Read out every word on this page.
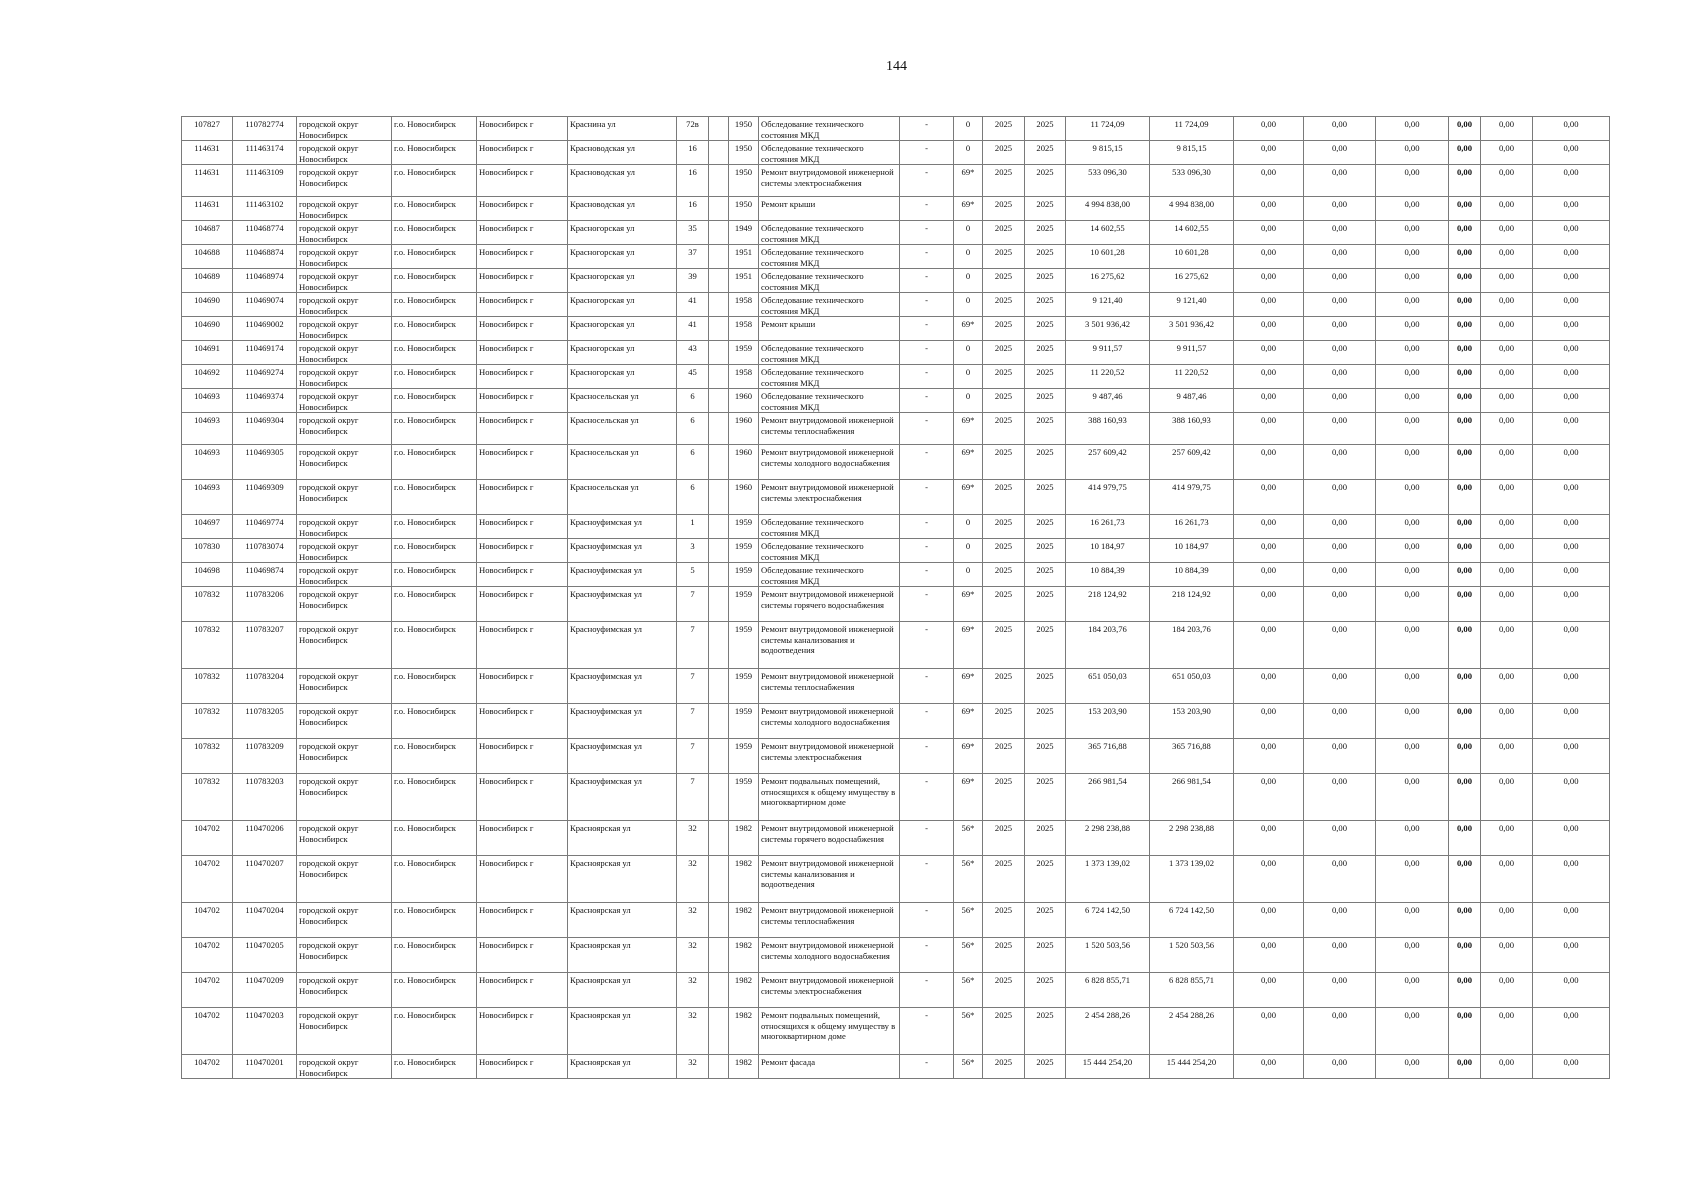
144
107827	110782774	городской округ Новосибирск	г.о. Новосибирск	Новосибирск г	Краснина ул	72в		1950	Обследование технического состояния МКД	-	0	2025	2025	11 724,09	11 724,09	0,00	0,00	0,00	0,00	0,00	0,00
114631	111463174	городской округ Новосибирск	г.о. Новосибирск	Новосибирск г	Красноводская ул	16		1950	Обследование технического состояния МКД	-	0	2025	2025	9 815,15	9 815,15	0,00	0,00	0,00	0,00	0,00	0,00
114631	111463109	городской округ Новосибирск	г.о. Новосибирск	Новосибирск г	Красноводская ул	16		1950	Ремонт внутридомовой инженерной системы электроснабжения	-	69*	2025	2025	533 096,30	533 096,30	0,00	0,00	0,00	0,00	0,00	0,00
114631	111463102	городской округ Новосибирск	г.о. Новосибирск	Новосибирск г	Красноводская ул	16		1950	Ремонт крыши	-	69*	2025	2025	4 994 838,00	4 994 838,00	0,00	0,00	0,00	0,00	0,00	0,00
104687	110468774	городской округ Новосибирск	г.о. Новосибирск	Новосибирск г	Красногорская ул	35		1949	Обследование технического состояния МКД	-	0	2025	2025	14 602,55	14 602,55	0,00	0,00	0,00	0,00	0,00	0,00
104688	110468874	городской округ Новосибирск	г.о. Новосибирск	Новосибирск г	Красногорская ул	37		1951	Обследование технического состояния МКД	-	0	2025	2025	10 601,28	10 601,28	0,00	0,00	0,00	0,00	0,00	0,00
104689	110468974	городской округ Новосибирск	г.о. Новосибирск	Новосибирск г	Красногорская ул	39		1951	Обследование технического состояния МКД	-	0	2025	2025	16 275,62	16 275,62	0,00	0,00	0,00	0,00	0,00	0,00
104690	110469074	городской округ Новосибирск	г.о. Новосибирск	Новосибирск г	Красногорская ул	41		1958	Обследование технического состояния МКД	-	0	2025	2025	9 121,40	9 121,40	0,00	0,00	0,00	0,00	0,00	0,00
104690	110469002	городской округ Новосибирск	г.о. Новосибирск	Новосибирск г	Красногорская ул	41		1958	Ремонт крыши	-	69*	2025	2025	3 501 936,42	3 501 936,42	0,00	0,00	0,00	0,00	0,00	0,00
104691	110469174	городской округ Новосибирск	г.о. Новосибирск	Новосибирск г	Красногорская ул	43		1959	Обследование технического состояния МКД	-	0	2025	2025	9 911,57	9 911,57	0,00	0,00	0,00	0,00	0,00	0,00
104692	110469274	городской округ Новосибирск	г.о. Новосибирск	Новосибирск г	Красногорская ул	45		1958	Обследование технического состояния МКД	-	0	2025	2025	11 220,52	11 220,52	0,00	0,00	0,00	0,00	0,00	0,00
104693	110469374	городской округ Новосибирск	г.о. Новосибирск	Новосибирск г	Красносельская ул	6		1960	Обследование технического состояния МКД	-	0	2025	2025	9 487,46	9 487,46	0,00	0,00	0,00	0,00	0,00	0,00
104693	110469304	городской округ Новосибирск	г.о. Новосибирск	Новосибирск г	Красносельская ул	6		1960	Ремонт внутридомовой инженерной системы теплоснабжения	-	69*	2025	2025	388 160,93	388 160,93	0,00	0,00	0,00	0,00	0,00	0,00
104693	110469305	городской округ Новосибирск	г.о. Новосибирск	Новосибирск г	Красносельская ул	6		1960	Ремонт внутридомовой инженерной системы холодного водоснабжения	-	69*	2025	2025	257 609,42	257 609,42	0,00	0,00	0,00	0,00	0,00	0,00
104693	110469309	городской округ Новосибирск	г.о. Новосибирск	Новосибирск г	Красносельская ул	6		1960	Ремонт внутридомовой инженерной системы электроснабжения	-	69*	2025	2025	414 979,75	414 979,75	0,00	0,00	0,00	0,00	0,00	0,00
104697	110469774	городской округ Новосибирск	г.о. Новосибирск	Новосибирск г	Красноуфимская ул	1		1959	Обследование технического состояния МКД	-	0	2025	2025	16 261,73	16 261,73	0,00	0,00	0,00	0,00	0,00	0,00
107830	110783074	городской округ Новосибирск	г.о. Новосибирск	Новосибирск г	Красноуфимская ул	3		1959	Обследование технического состояния МКД	-	0	2025	2025	10 184,97	10 184,97	0,00	0,00	0,00	0,00	0,00	0,00
104698	110469874	городской округ Новосибирск	г.о. Новосибирск	Новосибирск г	Красноуфимская ул	5		1959	Обследование технического состояния МКД	-	0	2025	2025	10 884,39	10 884,39	0,00	0,00	0,00	0,00	0,00	0,00
107832	110783206	городской округ Новосибирск	г.о. Новосибирск	Новосибирск г	Красноуфимская ул	7		1959	Ремонт внутридомовой инженерной системы горячего водоснабжения	-	69*	2025	2025	218 124,92	218 124,92	0,00	0,00	0,00	0,00	0,00	0,00
107832	110783207	городской округ Новосибирск	г.о. Новосибирск	Новосибирск г	Красноуфимская ул	7		1959	Ремонт внутридомовой инженерной системы канализования и водоотведения	-	69*	2025	2025	184 203,76	184 203,76	0,00	0,00	0,00	0,00	0,00	0,00
107832	110783204	городской округ Новосибирск	г.о. Новосибирск	Новосибирск г	Красноуфимская ул	7		1959	Ремонт внутридомовой инженерной системы теплоснабжения	-	69*	2025	2025	651 050,03	651 050,03	0,00	0,00	0,00	0,00	0,00	0,00
107832	110783205	городской округ Новосибирск	г.о. Новосибирск	Новосибирск г	Красноуфимская ул	7		1959	Ремонт внутридомовой инженерной системы холодного водоснабжения	-	69*	2025	2025	153 203,90	153 203,90	0,00	0,00	0,00	0,00	0,00	0,00
107832	110783209	городской округ Новосибирск	г.о. Новосибирск	Новосибирск г	Красноуфимская ул	7		1959	Ремонт внутридомовой инженерной системы электроснабжения	-	69*	2025	2025	365 716,88	365 716,88	0,00	0,00	0,00	0,00	0,00	0,00
107832	110783203	городской округ Новосибирск	г.о. Новосибирск	Новосибирск г	Красноуфимская ул	7		1959	Ремонт подвальных помещений, относящихся к общему имуществу в многоквартирном доме	-	69*	2025	2025	266 981,54	266 981,54	0,00	0,00	0,00	0,00	0,00	0,00
104702	110470206	городской округ Новосибирск	г.о. Новосибирск	Новосибирск г	Красноярская ул	32		1982	Ремонт внутридомовой инженерной системы горячего водоснабжения	-	56*	2025	2025	2 298 238,88	2 298 238,88	0,00	0,00	0,00	0,00	0,00	0,00
104702	110470207	городской округ Новосибирск	г.о. Новосибирск	Новосибирск г	Красноярская ул	32		1982	Ремонт внутридомовой инженерной системы канализования и водоотведения	-	56*	2025	2025	1 373 139,02	1 373 139,02	0,00	0,00	0,00	0,00	0,00	0,00
104702	110470204	городской округ Новосибирск	г.о. Новосибирск	Новосибирск г	Красноярская ул	32		1982	Ремонт внутридомовой инженерной системы теплоснабжения	-	56*	2025	2025	6 724 142,50	6 724 142,50	0,00	0,00	0,00	0,00	0,00	0,00
104702	110470205	городской округ Новосибирск	г.о. Новосибирск	Новосибирск г	Красноярская ул	32		1982	Ремонт внутридомовой инженерной системы холодного водоснабжения	-	56*	2025	2025	1 520 503,56	1 520 503,56	0,00	0,00	0,00	0,00	0,00	0,00
104702	110470209	городской округ Новосибирск	г.о. Новосибирск	Новосибирск г	Красноярская ул	32		1982	Ремонт внутридомовой инженерной системы электроснабжения	-	56*	2025	2025	6 828 855,71	6 828 855,71	0,00	0,00	0,00	0,00	0,00	0,00
104702	110470203	городской округ Новосибирск	г.о. Новосибирск	Новосибирск г	Красноярская ул	32		1982	Ремонт подвальных помещений, относящихся к общему имуществу в многоквартирном доме	-	56*	2025	2025	2 454 288,26	2 454 288,26	0,00	0,00	0,00	0,00	0,00	0,00
104702	110470201	городской округ Новосибирск	г.о. Новосибирск	Новосибирск г	Красноярская ул	32		1982	Ремонт фасада	-	56*	2025	2025	15 444 254,20	15 444 254,20	0,00	0,00	0,00	0,00	0,00	0,00
